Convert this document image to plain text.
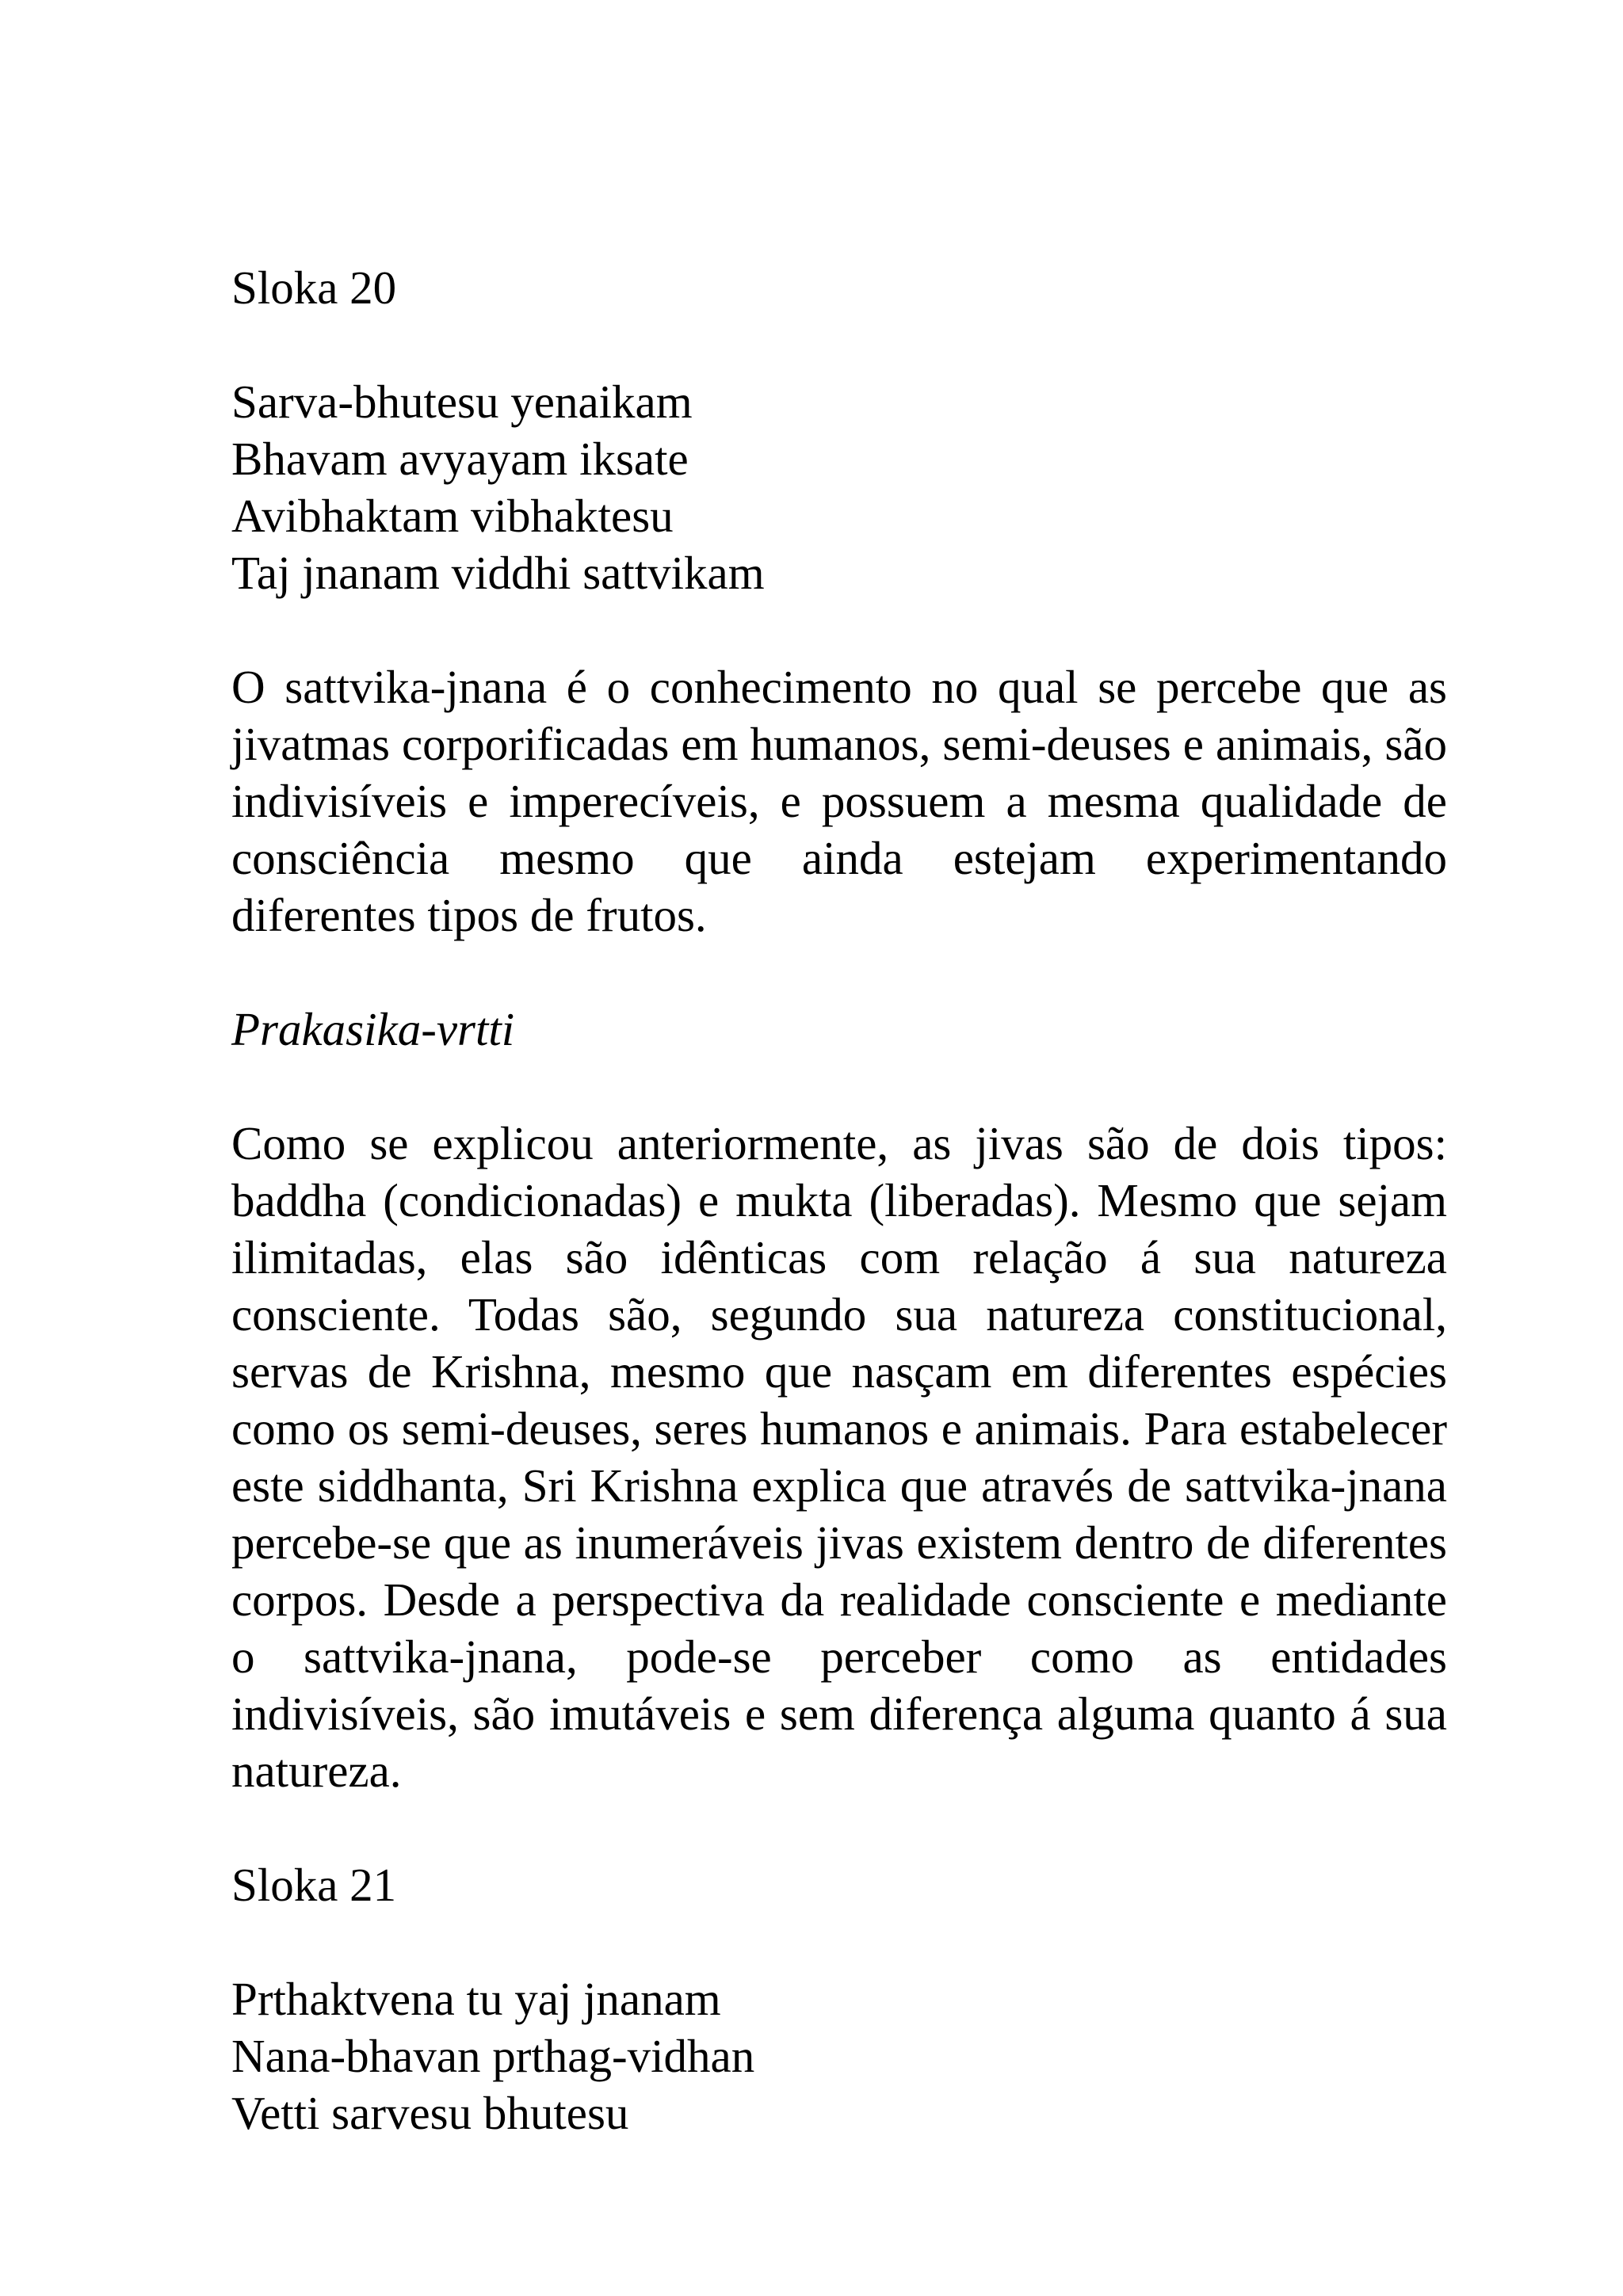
Sloka 20

Sarva-bhutesu yenaikam
Bhavam avyayam iksate
Avibhaktam vibhaktesu
Taj jnanam viddhi sattvikam

O sattvika-jnana é o conhecimento no qual se percebe que as jivatmas corporificadas em humanos, semi-deuses e animais, são indivisíveis e imperecíveis, e possuem a mesma qualidade de consciência mesmo que ainda estejam experimentando diferentes tipos de frutos.

Prakasika-vrtti

Como se explicou anteriormente, as jivas são de dois tipos: baddha (condicionadas) e mukta (liberadas). Mesmo que sejam ilimitadas, elas são idênticas com relação á sua natureza consciente. Todas são, segundo sua natureza constitucional, servas de Krishna, mesmo que nasçam em diferentes espécies como os semi-deuses, seres humanos e animais. Para estabelecer este siddhanta, Sri Krishna explica que através de sattvika-jnana percebe-se que as inumeráveis jivas existem dentro de diferentes corpos. Desde a perspectiva da realidade consciente e mediante o sattvika-jnana, pode-se perceber como as entidades indivisíveis, são imutáveis e sem diferença alguma quanto á sua natureza.

Sloka 21

Prthaktvena tu yaj jnanam
Nana-bhavan prthag-vidhan
Vetti sarvesu bhutesu
